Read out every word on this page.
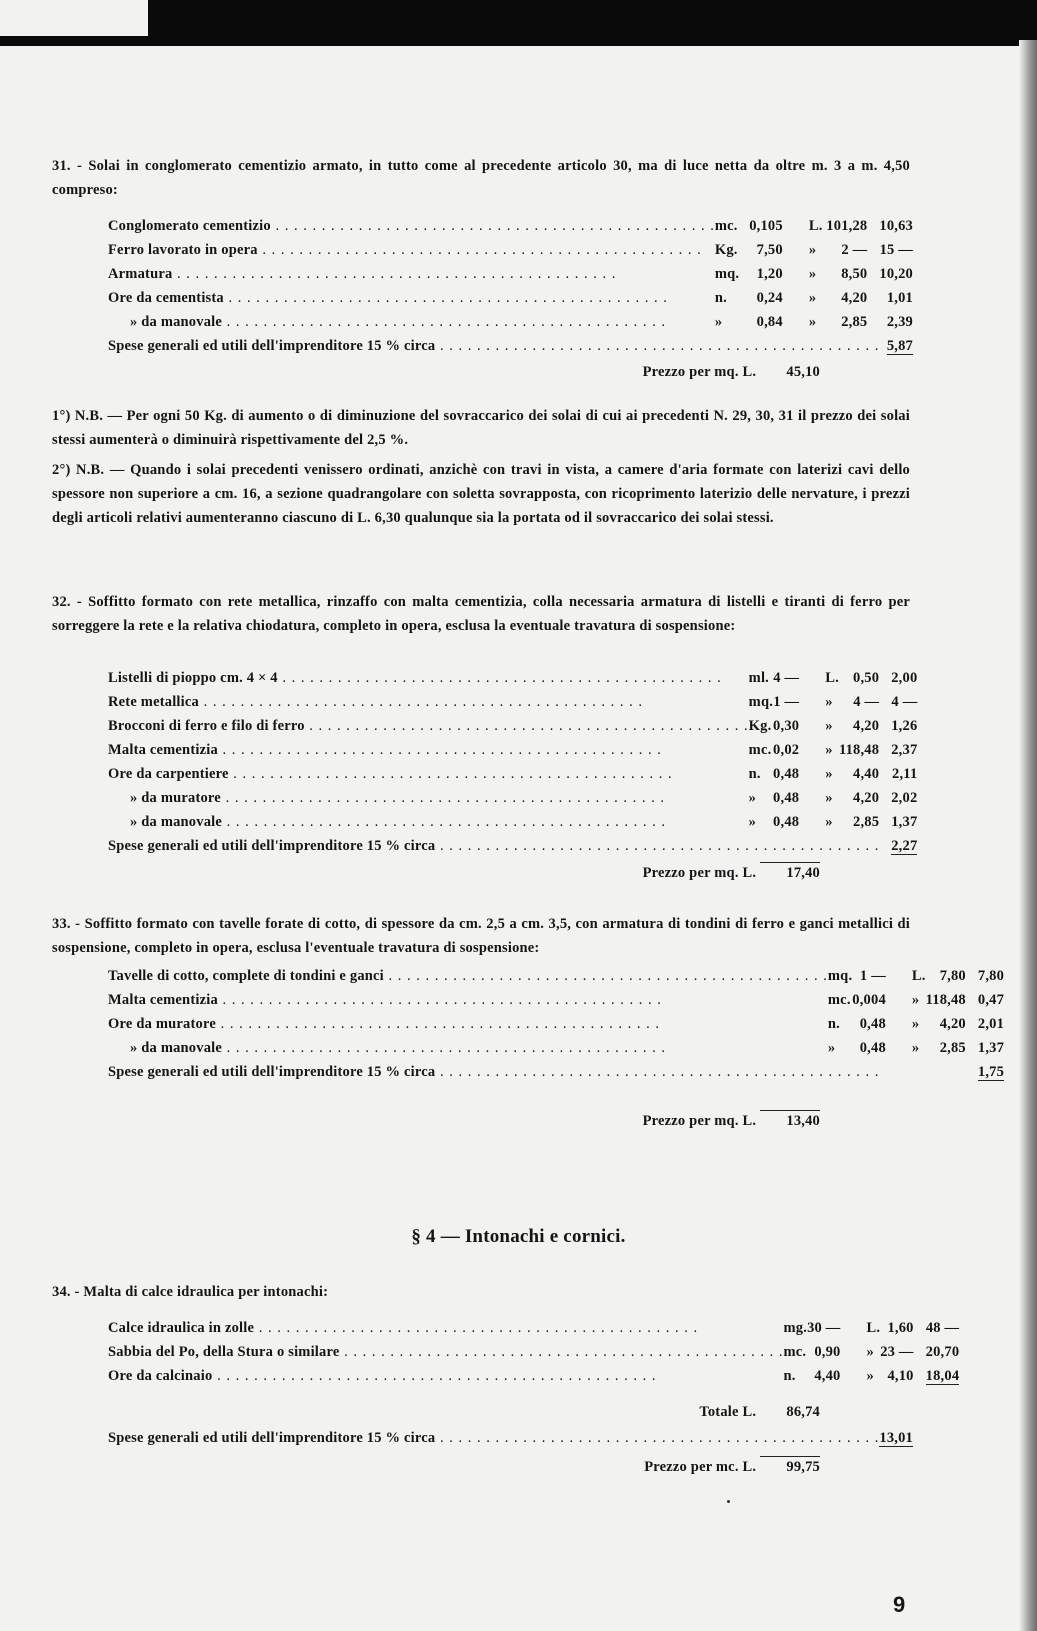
31. - Solai in conglomerato cementizio armato, in tutto come al precedente articolo 30, ma di luce netta da oltre m. 3 a m. 4,50 compreso:

Conglomerato cementizio . . .	mc.	0,105	L.	101,28	10,63

Ferro lavorato in opera . . .	Kg.	7,50	»	2 —	15 —

Armatura . . .	mq.	1,20	»	8,50	10,20

Ore da cementista . . .	n.	0,24	»	4,20	1,01

» da manovale . . .	»	0,84	»	2,85	2,39

Spese generali ed utili dell'imprenditore 15 % circa . . .					5,87
Prezzo per mq. L. 45,10

1°) N.B. — Per ogni 50 Kg. di aumento o di diminuzione del sovraccarico dei solai di cui ai precedenti N. 29, 30, 31 il prezzo dei solai stessi aumenterà o diminuirà rispettivamente del 2,5 %.

2°) N.B. — Quando i solai precedenti venissero ordinati, anzichè con travi in vista, a camere d'aria formate con laterizi cavi dello spessore non superiore a cm. 16, a sezione quadrangolare con soletta sovrapposta, con ricoprimento laterizio delle nervature, i prezzi degli articoli relativi aumenteranno ciascuno di L. 6,30 qualunque sia la portata od il sovraccarico dei solai stessi.

32. - Soffitto formato con rete metallica, rinzaffo con malta cementizia, colla necessaria armatura di listelli e tiranti di ferro per sorreggere la rete e la relativa chiodatura, completo in opera, esclusa la eventuale travatura di sospensione:

Listelli di pioppo cm. 4 × 4 . . .	ml.	4 —	L.	0,50	2,00

Rete metallica . . .	mq.	1 —	»	4 —	4 —

Brocconi di ferro e filo di ferro . . .	Kg.	0,30	»	4,20	1,26

Malta cementizia . . .	mc.	0,02	»	118,48	2,37

Ore da carpentiere . . .	n.	0,48	»	4,40	2,11

» da muratore . . .	»	0,48	»	4,20	2,02

» da manovale . . .	»	0,48	»	2,85	1,37

Spese generali ed utili dell'imprenditore 15 % circa . . .					2,27
Prezzo per mq. L. 17,40

33. - Soffitto formato con tavelle forate di cotto, di spessore da cm. 2,5 a cm. 3,5, con armatura di tondini di ferro e ganci metallici di sospensione, completo in opera, esclusa l'eventuale travatura di sospensione:

Tavelle di cotto, complete di tondini e ganci . . .	mq.	1 —	L.	7,80	7,80

Malta cementizia . . .	mc.	0,004	»	118,48	0,47

Ore da muratore . . .	n.	0,48	»	4,20	2,01

» da manovale . . .	»	0,48	»	2,85	1,37

Spese generali ed utili dell'imprenditore 15 % circa . . .					1,75
Prezzo per mq. L. 13,40
§ 4 — Intonachi e cornici.

34. - Malta di calce idraulica per intonachi:

Calce idraulica in zolle . . .	mg.	30 —	L.	1,60	48 —

Sabbia del Po, della Stura o similare . . .	mc.	0,90	»	23 —	20,70

Ore da calcinaio . . .	n.	4,40	»	4,10	18,04
Totale L. 86,74
Spese generali ed utili dell'imprenditore 15 % circa . . .	13,01
Prezzo per mc. L. 99,75
9
